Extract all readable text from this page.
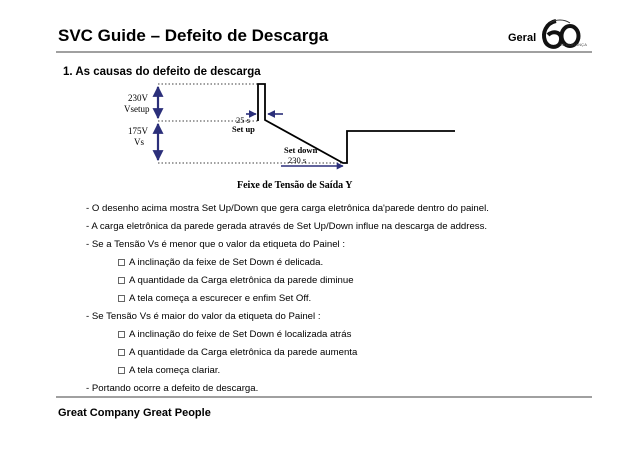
SVC Guide – Defeito de Descarga	Geral
SEGURANÇA
1. As causas do defeito de descarga
230V
Vsetup
175V
Vs
25 s
Set up
Set down
230 s
Feixe de Tensão de Saída Y
- O desenho acima mostra Set Up/Down que gera carga eletrônica da'parede dentro do painel.
- A carga eletrônica da parede gerada através de Set Up/Down influe na descarga de address.
- Se a Tensão Vs é menor que o valor da etiqueta do Painel :
A inclinação da feixe de Set Down é delicada.
A quantidade da Carga eletrônica da parede diminue
A tela começa a escurecer e enfim Set Off.
- Se Tensão Vs é maior do valor da etiqueta do Painel :
A inclinação do feixe de Set Down é localizada atrás
A quantidade da Carga eletrônica da parede aumenta
A tela começa clariar.
- Portando ocorre a defeito de descarga.
Great Company Great People
